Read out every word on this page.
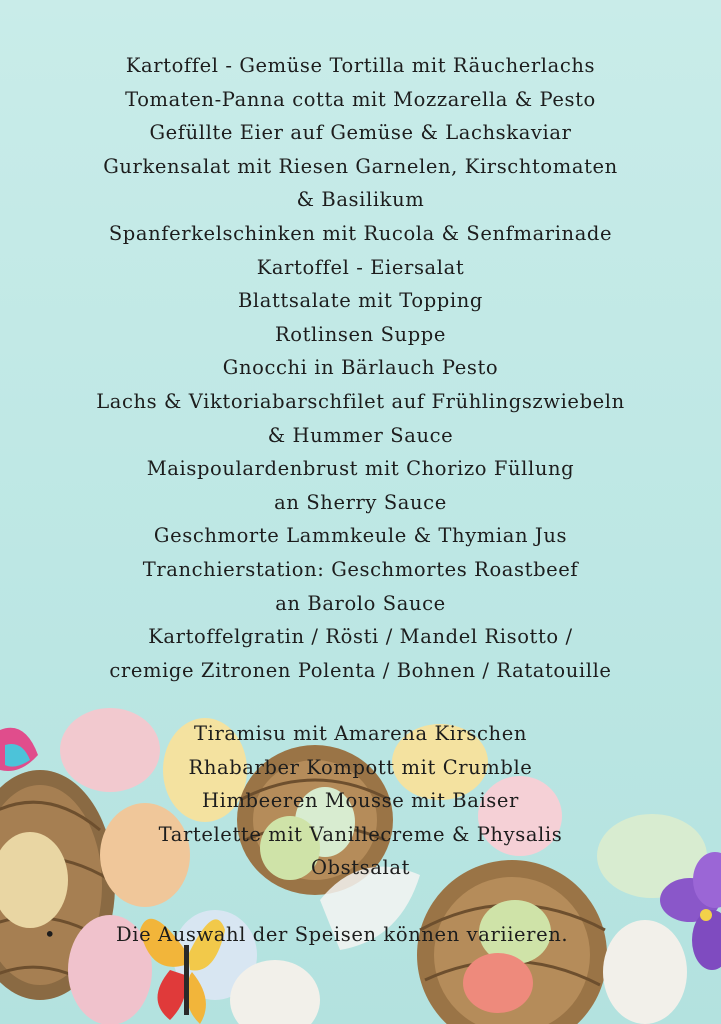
Kartoffel - Gemüse Tortilla mit Räucherlachs
Tomaten-Panna cotta mit Mozzarella & Pesto
Gefüllte Eier auf Gemüse & Lachskaviar
Gurkensalat mit Riesen Garnelen, Kirschtomaten
& Basilikum
Spanferkelschinken mit Rucola & Senfmarinade
Kartoffel - Eiersalat
Blattsalate mit Topping
Rotlinsen Suppe
Gnocchi in Bärlauch Pesto
Lachs & Viktoriabarschfilet auf Frühlingszwiebeln
& Hummer Sauce
Maispoulardenbrust mit Chorizo Füllung
an Sherry Sauce
Geschmorte Lammkeule & Thymian Jus
Tranchierstation: Geschmortes Roastbeef
an Barolo Sauce
Kartoffelgratin / Rösti / Mandel Risotto /
cremige Zitronen Polenta / Bohnen / Ratatouille
Tiramisu mit Amarena Kirschen
Rhabarber Kompott mit Crumble
Himbeeren Mousse mit Baiser
Tartelette mit Vanillecreme & Physalis
Obstsalat
•	Die Auswahl der Speisen können variieren.
